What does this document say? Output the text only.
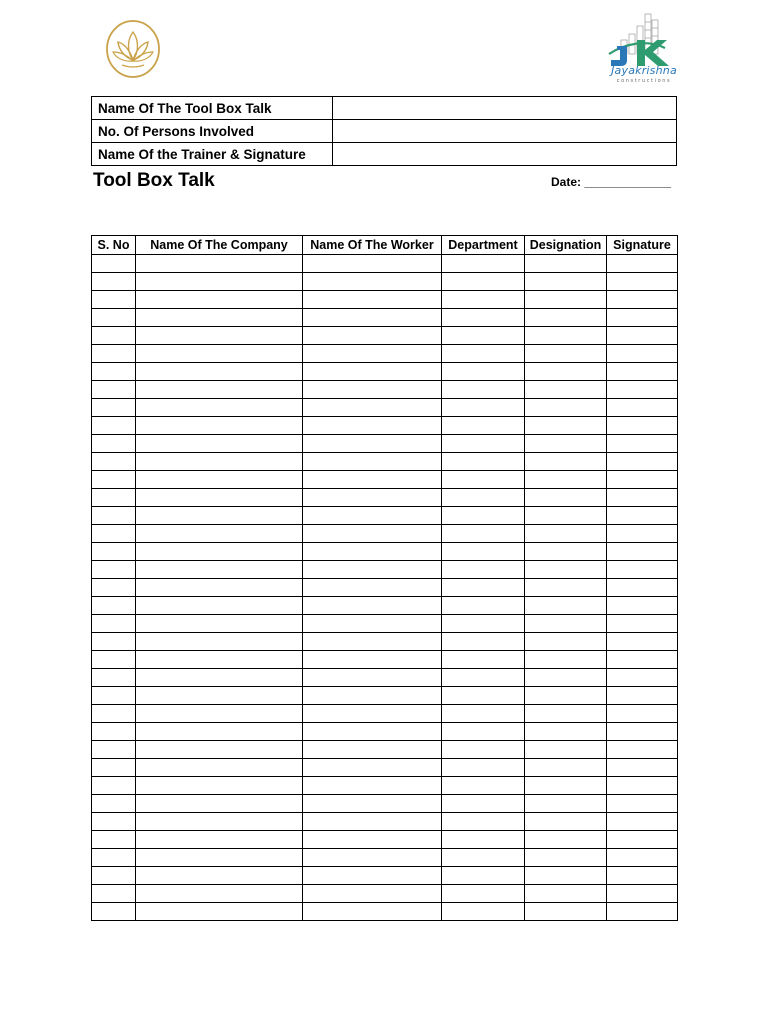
Jayakrishna
constructions
Name Of The Tool Box Talk	
No. Of Persons Involved	
Name Of the Trainer & Signature	
Tool Box Talk	Date: _____________
S. No	Name Of The Company	Name Of The Worker	Department	Designation	Signature
